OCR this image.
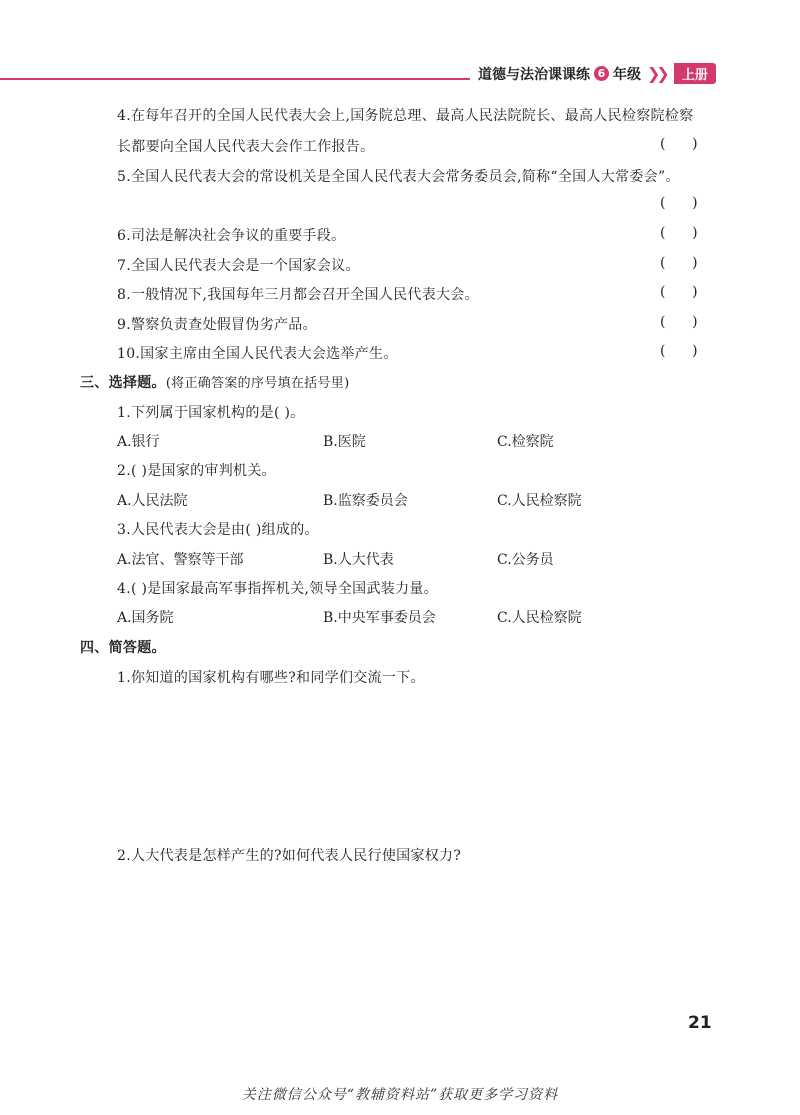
道德与法治课课练 6 年级 ❯❯	上册
4.在每年召开的全国人民代表大会上,国务院总理、最高人民法院院长、最高人民检察院检察
长都要向全国人民代表大会作工作报告。	(      )
5.全国人民代表大会的常设机关是全国人民代表大会常务委员会,简称“全国人大常委会”。
(      )
6.司法是解决社会争议的重要手段。	(      )
7.全国人民代表大会是一个国家会议。	(      )
8.一般情况下,我国每年三月都会召开全国人民代表大会。	(      )
9.警察负责查处假冒伪劣产品。	(      )
10.国家主席由全国人民代表大会选举产生。	(      )
三、选择题。(将正确答案的序号填在括号里)
1.下列属于国家机构的是( )。
A.银行	B.医院	C.检察院
2.( )是国家的审判机关。
A.人民法院	B.监察委员会	C.人民检察院
3.人民代表大会是由( )组成的。
A.法官、警察等干部	B.人大代表	C.公务员
4.( )是国家最高军事指挥机关,领导全国武装力量。
A.国务院	B.中央军事委员会	C.人民检察院
四、简答题。
1.你知道的国家机构有哪些?和同学们交流一下。
2.人大代表是怎样产生的?如何代表人民行使国家权力?
21
关注微信公众号“教辅资料站”获取更多学习资料
